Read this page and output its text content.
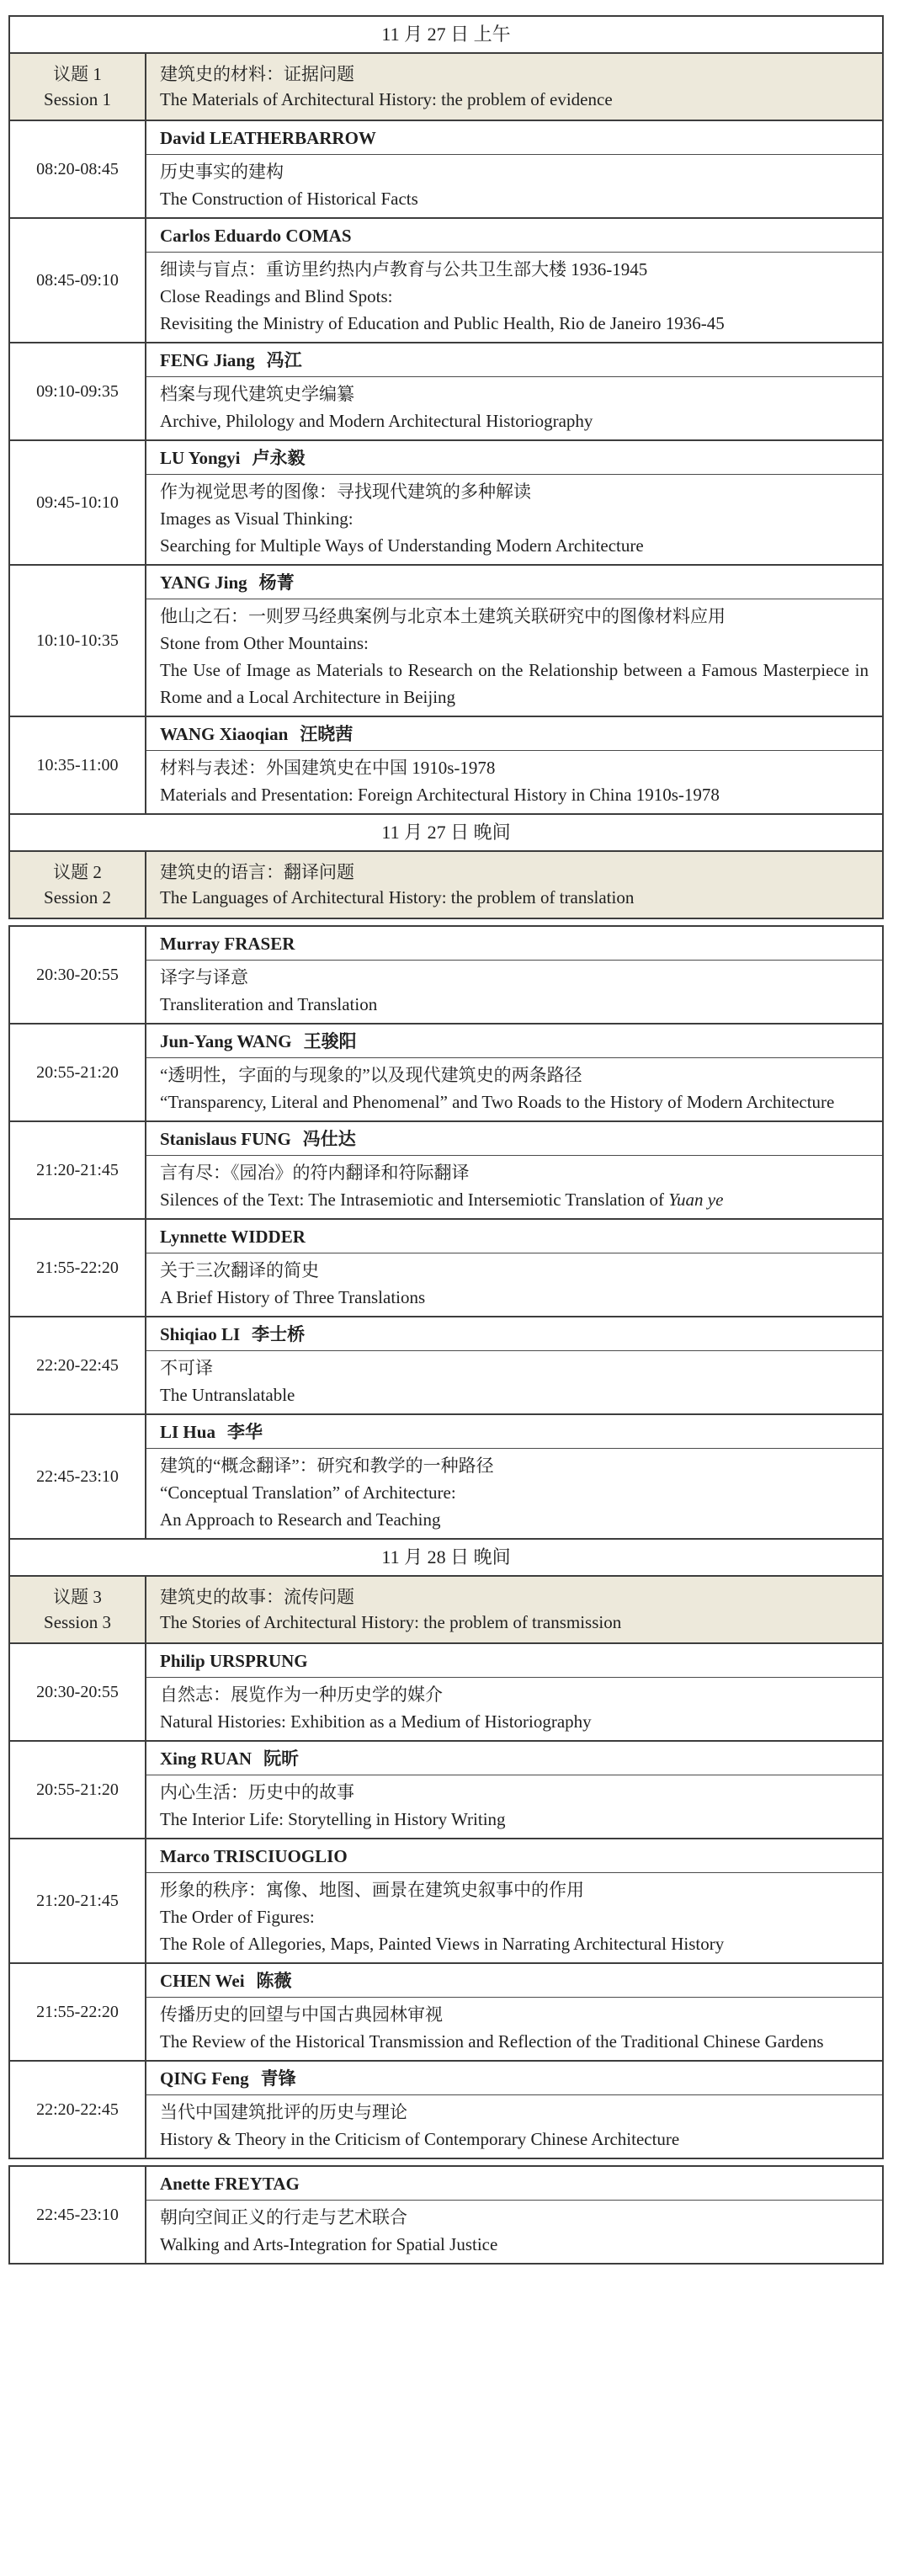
11 月 27 日 上午
议题 1
Session 1
建筑史的材料：证据问题
The Materials of Architectural History: the problem of evidence
08:20-08:45
David LEATHERBARROW

历史事实的建构

The Construction of Historical Facts

08:45-09:10
Carlos Eduardo COMAS

细读与盲点：重访里约热内卢教育与公共卫生部大楼 1936-1945

Close Readings and Blind Spots:

Revisiting the Ministry of Education and Public Health, Rio de Janeiro 1936-45

09:10-09:35
FENG Jiang 冯江

档案与现代建筑史学编纂

Archive, Philology and Modern Architectural Historiography

09:45-10:10
LU Yongyi 卢永毅

作为视觉思考的图像：寻找现代建筑的多种解读

Images as Visual Thinking:

Searching for Multiple Ways of Understanding Modern Architecture

10:10-10:35
YANG Jing 杨菁

他山之石：一则罗马经典案例与北京本土建筑关联研究中的图像材料应用

Stone from Other Mountains:

The Use of Image as Materials to Research on the Relationship between a Famous Masterpiece in Rome and a Local Architecture in Beijing

10:35-11:00
WANG Xiaoqian 汪晓茜

材料与表述：外国建筑史在中国 1910s-1978

Materials and Presentation: Foreign Architectural History in China 1910s-1978

11 月 27 日 晚间
议题 2
Session 2
建筑史的语言：翻译问题
The Languages of Architectural History: the problem of translation
20:30-20:55
Murray FRASER

译字与译意

Transliteration and Translation

20:55-21:20
Jun-Yang WANG 王骏阳

“透明性，字面的与现象的”以及现代建筑史的两条路径

“Transparency, Literal and Phenomenal” and Two Roads to the History of Modern Architecture

21:20-21:45
Stanislaus FUNG 冯仕达

言有尽：《园冶》的符内翻译和符际翻译

Silences of the Text: The Intrasemiotic and Intersemiotic Translation of Yuan ye

21:55-22:20
Lynnette WIDDER

关于三次翻译的简史

A Brief History of Three Translations

22:20-22:45
Shiqiao LI 李士桥

不可译

The Untranslatable

22:45-23:10
LI Hua 李华

建筑的“概念翻译”：研究和教学的一种路径

“Conceptual Translation” of Architecture:

An Approach to Research and Teaching

11 月 28 日 晚间
议题 3
Session 3
建筑史的故事：流传问题
The Stories of Architectural History: the problem of transmission
20:30-20:55
Philip URSPRUNG

自然志：展览作为一种历史学的媒介

Natural Histories: Exhibition as a Medium of Historiography

20:55-21:20
Xing RUAN 阮昕

内心生活：历史中的故事

The Interior Life: Storytelling in History Writing

21:20-21:45
Marco TRISCIUOGLIO

形象的秩序：寓像、地图、画景在建筑史叙事中的作用

The Order of Figures:

The Role of Allegories, Maps, Painted Views in Narrating Architectural History

21:55-22:20
CHEN Wei 陈薇

传播历史的回望与中国古典园林审视

The Review of the Historical Transmission and Reflection of the Traditional Chinese Gardens

22:20-22:45
QING Feng 青锋

当代中国建筑批评的历史与理论

History & Theory in the Criticism of Contemporary Chinese Architecture

22:45-23:10
Anette FREYTAG

朝向空间正义的行走与艺术联合

Walking and Arts-Integration for Spatial Justice
